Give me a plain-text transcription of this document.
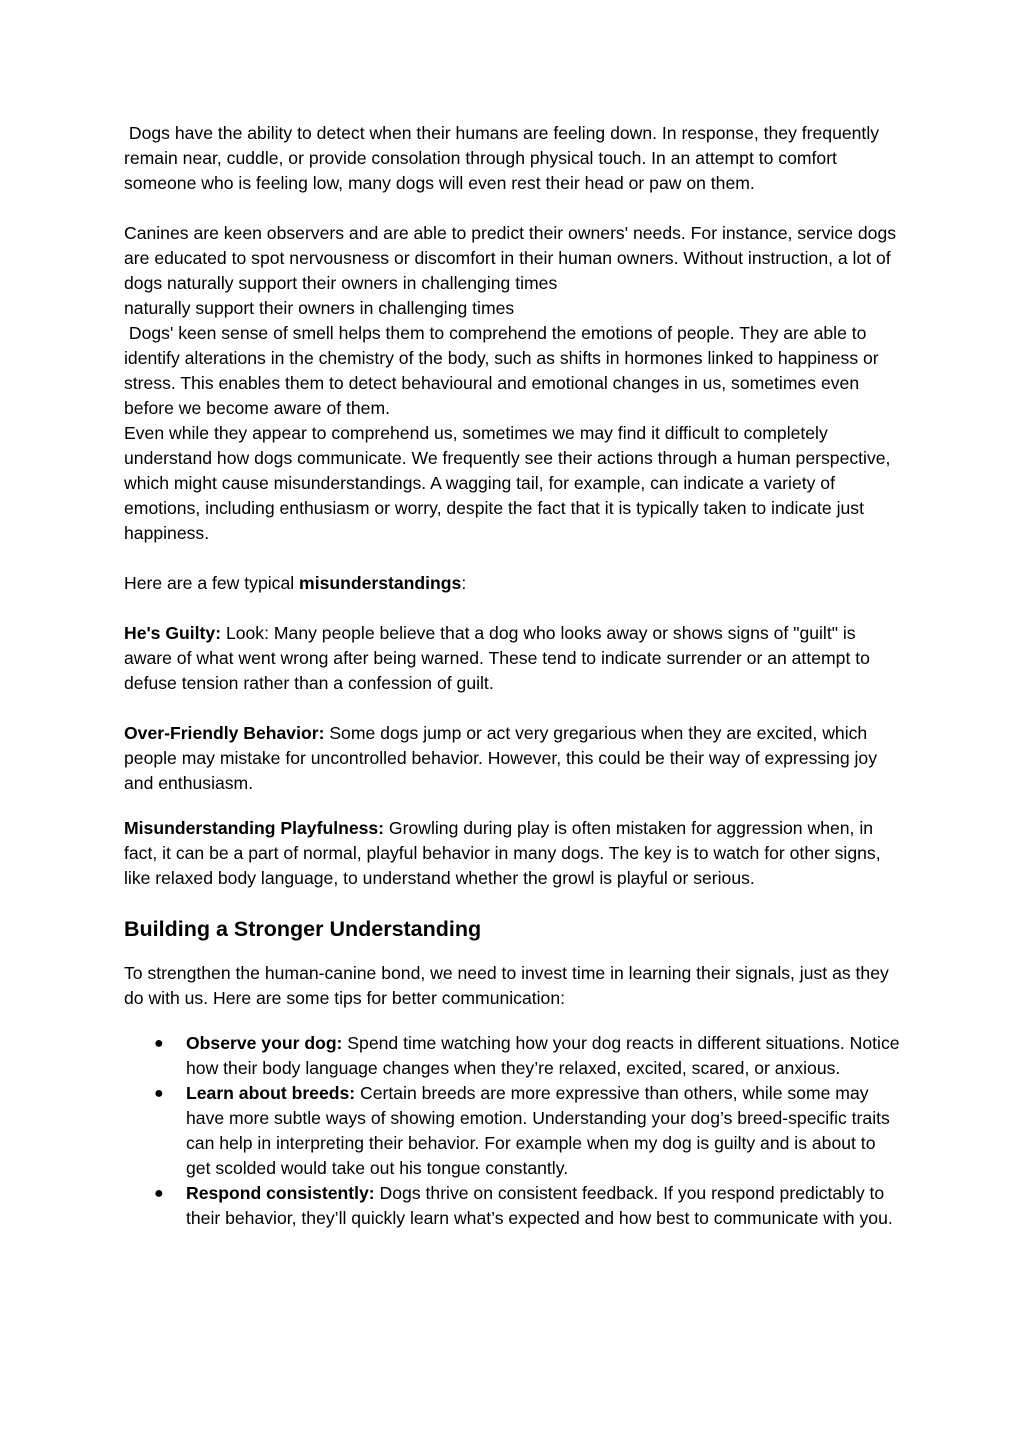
Dogs have the ability to detect when their humans are feeling down. In response, they frequently remain near, cuddle, or provide consolation through physical touch. In an attempt to comfort someone who is feeling low, many dogs will even rest their head or paw on them.

Canines are keen observers and are able to predict their owners' needs. For instance, service dogs are educated to spot nervousness or discomfort in their human owners. Without instruction, a lot of dogs naturally support their owners in challenging times

naturally support their owners in challenging times

Dogs' keen sense of smell helps them to comprehend the emotions of people. They are able to identify alterations in the chemistry of the body, such as shifts in hormones linked to happiness or stress. This enables them to detect behavioural and emotional changes in us, sometimes even before we become aware of them.

Even while they appear to comprehend us, sometimes we may find it difficult to completely understand how dogs communicate. We frequently see their actions through a human perspective, which might cause misunderstandings. A wagging tail, for example, can indicate a variety of emotions, including enthusiasm or worry, despite the fact that it is typically taken to indicate just happiness.

Here are a few typical misunderstandings:

He's Guilty: Look: Many people believe that a dog who looks away or shows signs of "guilt" is aware of what went wrong after being warned. These tend to indicate surrender or an attempt to defuse tension rather than a confession of guilt.

Over-Friendly Behavior: Some dogs jump or act very gregarious when they are excited, which people may mistake for uncontrolled behavior. However, this could be their way of expressing joy and enthusiasm.

Misunderstanding Playfulness: Growling during play is often mistaken for aggression when, in fact, it can be a part of normal, playful behavior in many dogs. The key is to watch for other signs, like relaxed body language, to understand whether the growl is playful or serious.

Building a Stronger Understanding

To strengthen the human-canine bond, we need to invest time in learning their signals, just as they do with us. Here are some tips for better communication:

● Observe your dog: Spend time watching how your dog reacts in different situations. Notice how their body language changes when they’re relaxed, excited, scared, or anxious.
● Learn about breeds: Certain breeds are more expressive than others, while some may have more subtle ways of showing emotion. Understanding your dog’s breed-specific traits can help in interpreting their behavior. For example when my dog is guilty and is about to get scolded would take out his tongue constantly.
● Respond consistently: Dogs thrive on consistent feedback. If you respond predictably to their behavior, they’ll quickly learn what’s expected and how best to communicate with you.
